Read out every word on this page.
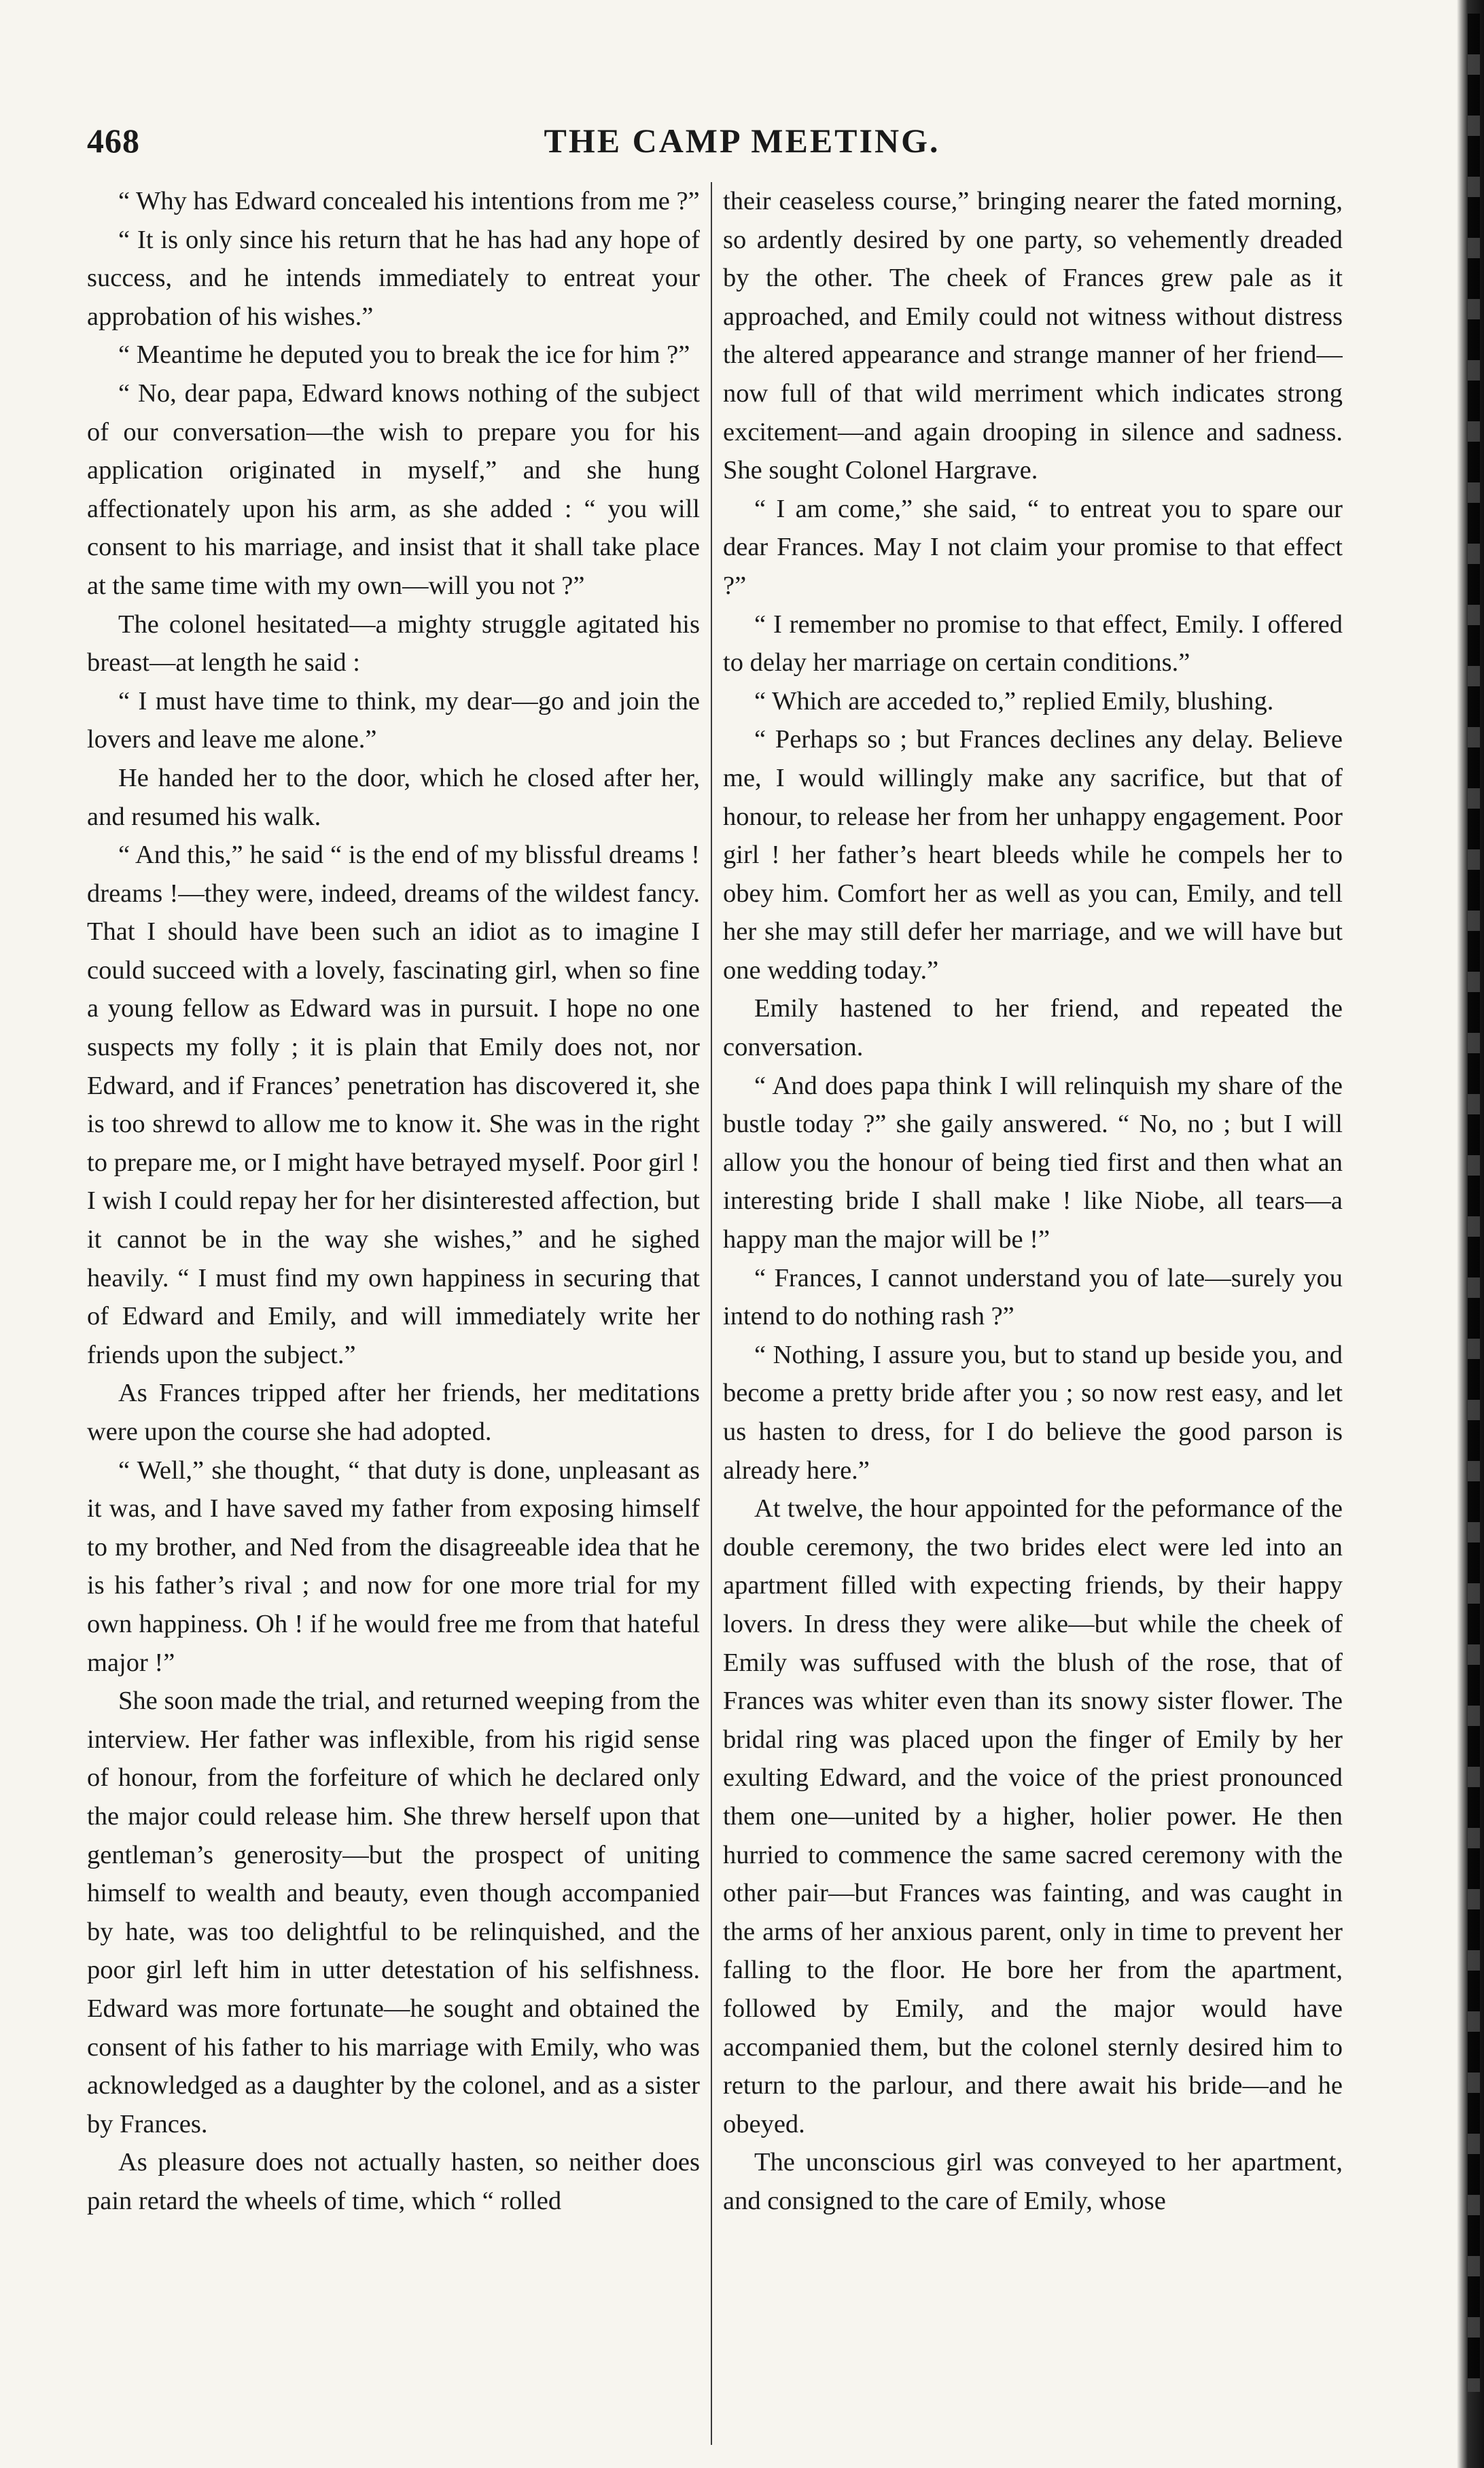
468	THE CAMP MEETING.

“ Why has Edward concealed his intentions from me ?”

“ It is only since his return that he has had any hope of success, and he intends immediately to entreat your approbation of his wishes.”

“ Meantime he deputed you to break the ice for him ?”

“ No, dear papa, Edward knows nothing of the subject of our conversation—the wish to prepare you for his application originated in myself,” and she hung affectionately upon his arm, as she added : “ you will consent to his marriage, and insist that it shall take place at the same time with my own—will you not ?”

The colonel hesitated—a mighty struggle agitated his breast—at length he said :

“ I must have time to think, my dear—go and join the lovers and leave me alone.”

He handed her to the door, which he closed after her, and resumed his walk.

“ And this,” he said “ is the end of my blissful dreams ! dreams !—they were, indeed, dreams of the wildest fancy. That I should have been such an idiot as to imagine I could succeed with a lovely, fascinating girl, when so fine a young fellow as Edward was in pursuit. I hope no one suspects my folly ; it is plain that Emily does not, nor Edward, and if Frances’ penetration has discovered it, she is too shrewd to allow me to know it. She was in the right to prepare me, or I might have betrayed myself. Poor girl ! I wish I could repay her for her disinterested affection, but it cannot be in the way she wishes,” and he sighed heavily. “ I must find my own happiness in securing that of Edward and Emily, and will immediately write her friends upon the subject.”

As Frances tripped after her friends, her meditations were upon the course she had adopted.

“ Well,” she thought, “ that duty is done, unpleasant as it was, and I have saved my father from exposing himself to my brother, and Ned from the disagreeable idea that he is his father’s rival ; and now for one more trial for my own happiness. Oh ! if he would free me from that hateful major !”

She soon made the trial, and returned weeping from the interview. Her father was inflexible, from his rigid sense of honour, from the forfeiture of which he declared only the major could release him. She threw herself upon that gentleman’s generosity—but the prospect of uniting himself to wealth and beauty, even though accompanied by hate, was too delightful to be relinquished, and the poor girl left him in utter detestation of his selfishness. Edward was more fortunate—he sought and obtained the consent of his father to his marriage with Emily, who was acknowledged as a daughter by the colonel, and as a sister by Frances.

As pleasure does not actually hasten, so neither does pain retard the wheels of time, which “ rolled

their ceaseless course,” bringing nearer the fated morning, so ardently desired by one party, so vehemently dreaded by the other. The cheek of Frances grew pale as it approached, and Emily could not witness without distress the altered appearance and strange manner of her friend—now full of that wild merriment which indicates strong excitement—and again drooping in silence and sadness. She sought Colonel Hargrave.

“ I am come,” she said, “ to entreat you to spare our dear Frances. May I not claim your promise to that effect ?”

“ I remember no promise to that effect, Emily. I offered to delay her marriage on certain conditions.”

“ Which are acceded to,” replied Emily, blushing.

“ Perhaps so ; but Frances declines any delay. Believe me, I would willingly make any sacrifice, but that of honour, to release her from her unhappy engagement. Poor girl ! her father’s heart bleeds while he compels her to obey him. Comfort her as well as you can, Emily, and tell her she may still defer her marriage, and we will have but one wedding today.”

Emily hastened to her friend, and repeated the conversation.

“ And does papa think I will relinquish my share of the bustle today ?” she gaily answered. “ No, no ; but I will allow you the honour of being tied first and then what an interesting bride I shall make ! like Niobe, all tears—a happy man the major will be !”

“ Frances, I cannot understand you of late—surely you intend to do nothing rash ?”

“ Nothing, I assure you, but to stand up beside you, and become a pretty bride after you ; so now rest easy, and let us hasten to dress, for I do believe the good parson is already here.”

At twelve, the hour appointed for the peformance of the double ceremony, the two brides elect were led into an apartment filled with expecting friends, by their happy lovers. In dress they were alike—but while the cheek of Emily was suffused with the blush of the rose, that of Frances was whiter even than its snowy sister flower. The bridal ring was placed upon the finger of Emily by her exulting Edward, and the voice of the priest pronounced them one—united by a higher, holier power. He then hurried to commence the same sacred ceremony with the other pair—but Frances was fainting, and was caught in the arms of her anxious parent, only in time to prevent her falling to the floor. He bore her from the apartment, followed by Emily, and the major would have accompanied them, but the colonel sternly desired him to return to the parlour, and there await his bride—and he obeyed.

The unconscious girl was conveyed to her apartment, and consigned to the care of Emily, whose
